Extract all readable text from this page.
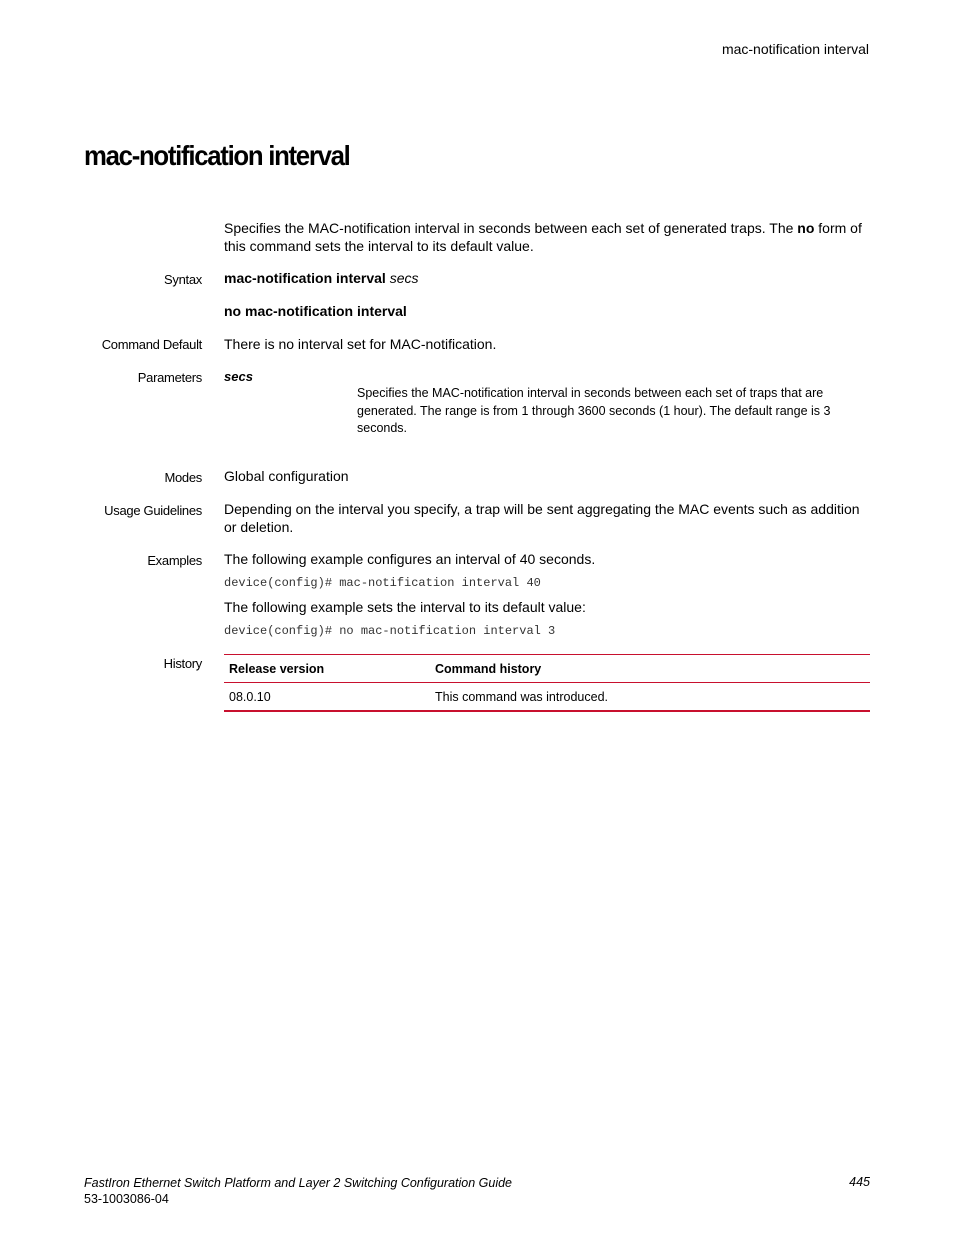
mac-notification interval
mac-notification interval
Specifies the MAC-notification interval in seconds between each set of generated traps. The no form of this command sets the interval to its default value.
Syntax mac-notification interval secs
no mac-notification interval
Command Default There is no interval set for MAC-notification.
Parameters secs
Specifies the MAC-notification interval in seconds between each set of traps that are generated. The range is from 1 through 3600 seconds (1 hour). The default range is 3 seconds.
Modes Global configuration
Usage Guidelines Depending on the interval you specify, a trap will be sent aggregating the MAC events such as addition or deletion.
Examples The following example configures an interval of 40 seconds.
device(config)# mac-notification interval 40
The following example sets the interval to its default value:
device(config)# no mac-notification interval 3
History Release version	Command history
08.0.10	This command was introduced.
FastIron Ethernet Switch Platform and Layer 2 Switching Configuration Guide
53-1003086-04
445
